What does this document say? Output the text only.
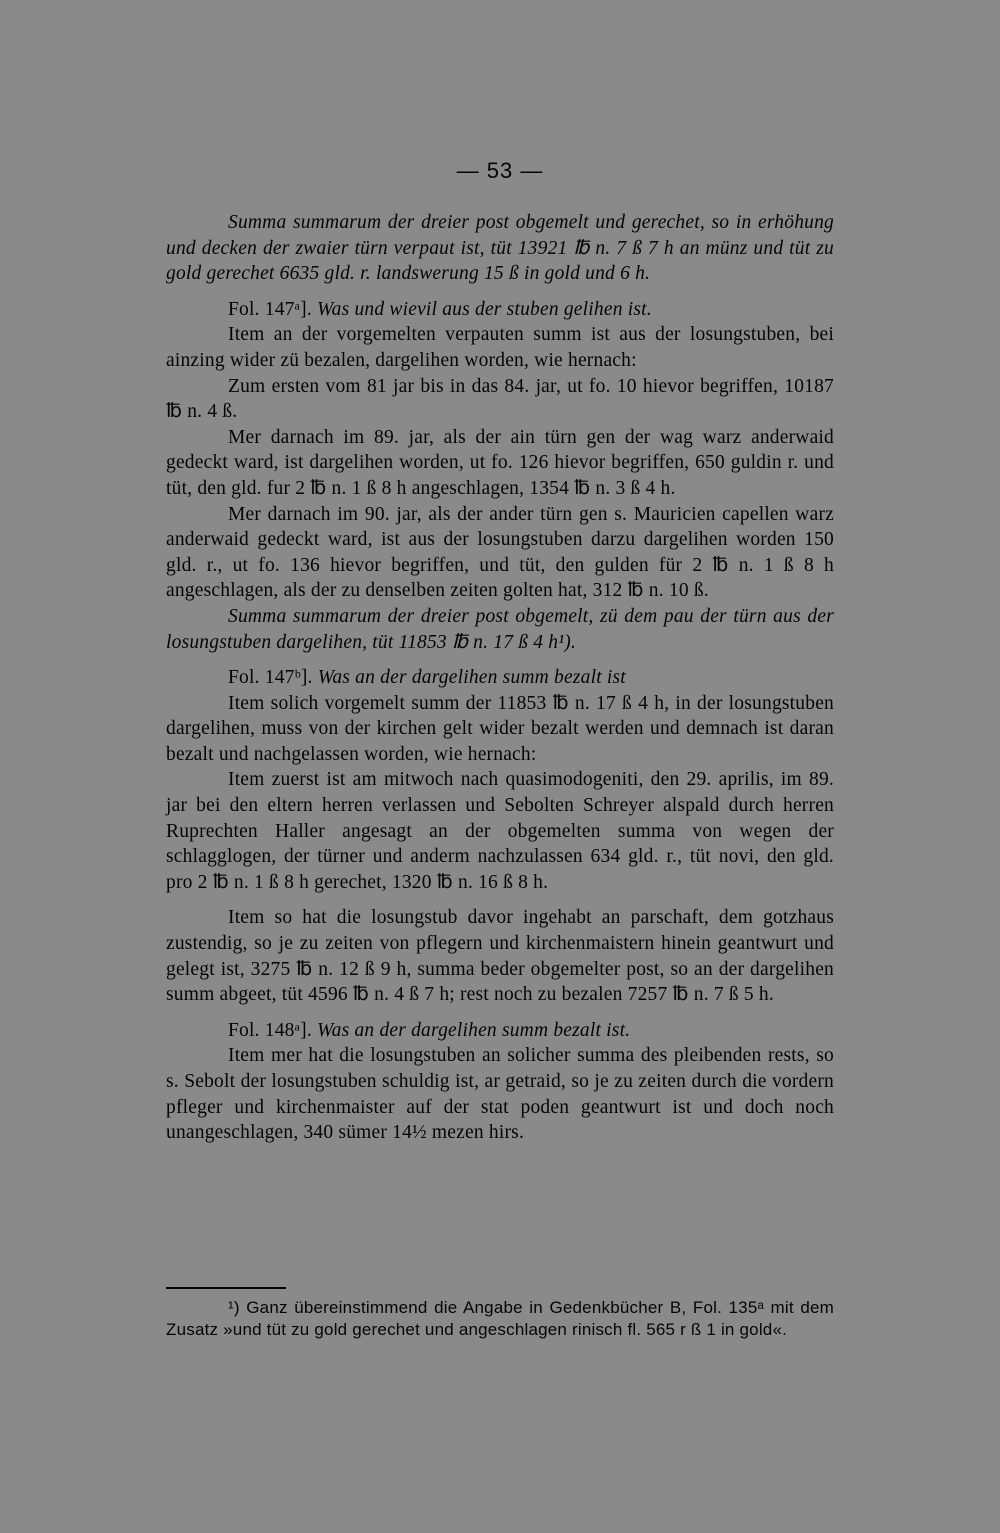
— 53 —

Summa summarum der dreier post obgemelt und gerechet, so in erhöhung und decken der zwaier türn verpaut ist, tüt 13921 ℔ n. 7 ß 7 h an münz und tüt zu gold gerechet 6635 gld. r. landswerung 15 ß in gold und 6 h.

Fol. 147ᵃ]. Was und wievil aus der stuben gelihen ist.

Item an der vorgemelten verpauten summ ist aus der losungstuben, bei ainzing wider zü bezalen, dargelihen worden, wie hernach:

Zum ersten vom 81 jar bis in das 84. jar, ut fo. 10 hievor begriffen, 10187 ℔ n. 4 ß.

Mer darnach im 89. jar, als der ain türn gen der wag warz anderwaid gedeckt ward, ist dargelihen worden, ut fo. 126 hievor begriffen, 650 guldin r. und tüt, den gld. fur 2 ℔ n. 1 ß 8 h angeschlagen, 1354 ℔ n. 3 ß 4 h.

Mer darnach im 90. jar, als der ander türn gen s. Mauricien capellen warz anderwaid gedeckt ward, ist aus der losungstuben darzu dargelihen worden 150 gld. r., ut fo. 136 hievor begriffen, und tüt, den gulden für 2 ℔ n. 1 ß 8 h angeschlagen, als der zu denselben zeiten golten hat, 312 ℔ n. 10 ß.

Summa summarum der dreier post obgemelt, zü dem pau der türn aus der losungstuben dargelihen, tüt 11853 ℔ n. 17 ß 4 h¹).

Fol. 147ᵇ]. Was an der dargelihen summ bezalt ist

Item solich vorgemelt summ der 11853 ℔ n. 17 ß 4 h, in der losungstuben dargelihen, muss von der kirchen gelt wider bezalt werden und demnach ist daran bezalt und nachgelassen worden, wie hernach:

Item zuerst ist am mitwoch nach quasimodogeniti, den 29. aprilis, im 89. jar bei den eltern herren verlassen und Sebolten Schreyer alspald durch herren Ruprechten Haller angesagt an der obgemelten summa von wegen der schlagglogen, der türner und anderm nachzulassen 634 gld. r., tüt novi, den gld. pro 2 ℔ n. 1 ß 8 h gerechet, 1320 ℔ n. 16 ß 8 h.

Item so hat die losungstub davor ingehabt an parschaft, dem gotzhaus zustendig, so je zu zeiten von pflegern und kirchenmaistern hinein geantwurt und gelegt ist, 3275 ℔ n. 12 ß 9 h, summa beder obgemelter post, so an der dargelihen summ abgeet, tüt 4596 ℔ n. 4 ß 7 h; rest noch zu bezalen 7257 ℔ n. 7 ß 5 h.

Fol. 148ᵃ]. Was an der dargelihen summ bezalt ist.

Item mer hat die losungstuben an solicher summa des pleibenden rests, so s. Sebolt der losungstuben schuldig ist, ar getraid, so je zu zeiten durch die vordern pfleger und kirchenmaister auf der stat poden geantwurt ist und doch noch unangeschlagen, 340 sümer 14½ mezen hirs.

¹) Ganz übereinstimmend die Angabe in Gedenkbücher B, Fol. 135ᵃ mit dem Zusatz »und tüt zu gold gerechet und angeschlagen rinisch fl. 565 r ß 1 in gold«.
